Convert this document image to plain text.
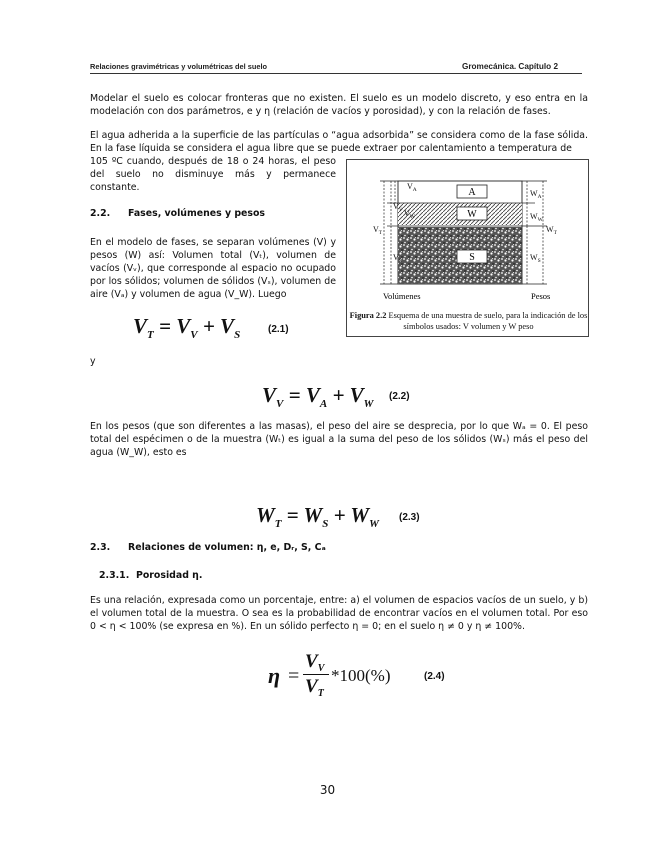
Relaciones gravimétricas y volumétricas del suelo	Gromecánica. Capítulo 2
Modelar el suelo es colocar fronteras que no existen. El suelo es un modelo discreto, y eso entra en la modelación con dos parámetros, e y η (relación de vacíos y porosidad), y con la relación de fases.
El agua adherida a la superficie de las partículas o “agua adsorbida” se considera como de la fase sólida. En la fase líquida se considera el agua libre que se puede extraer por calentamiento a temperatura de
105 ºC cuando, después de 18 o 24 horas, el peso del suelo no disminuye más y permanece constante.
2.2. Fases, volúmenes y pesos
En el modelo de fases, se separan volúmenes (V) y pesos (W) así: Volumen total (Vₜ), volumen de vacíos (Vᵥ), que corresponde al espacio no ocupado por los sólidos; volumen de sólidos (Vₛ), volumen de aire (Vₐ) y volumen de agua (V_W). Luego
$V_T = V_V + V_S$	(2.1)
A
W
S
$V_A$
$V_V$ $V_W$
$V_T$
$V_S$
$W_A$
$W_W$
$W_T$
$W_S$
Volúmenes	Pesos
Figura 2.2 Esquema de una muestra de suelo, para la indicación de los símbolos usados: V volumen y W peso
y
$V_V = V_A + V_W$
(2.2)
En los pesos (que son diferentes a las masas), el peso del aire se desprecia, por lo que Wₐ = 0. El peso total del espécimen o de la muestra (Wₜ) es igual a la suma del peso de los sólidos (Wₛ) más el peso del agua (W_W), esto es
$W_T = W_S + W_W$
(2.3)
2.3. Relaciones de volumen: η, e, Dᵣ, S, Cₐ
2.3.1. Porosidad η.
Es una relación, expresada como un porcentaje, entre: a) el volumen de espacios vacíos de un suelo, y b) el volumen total de la muestra. O sea es la probabilidad de encontrar vacíos en el volumen total. Por eso 0 < η < 100% (se expresa en %). En un sólido perfecto η = 0; en el suelo η ≠ 0 y η ≠ 100%.
η =
$V_V$
$V_T$
*100(%)	(2.4)
30
